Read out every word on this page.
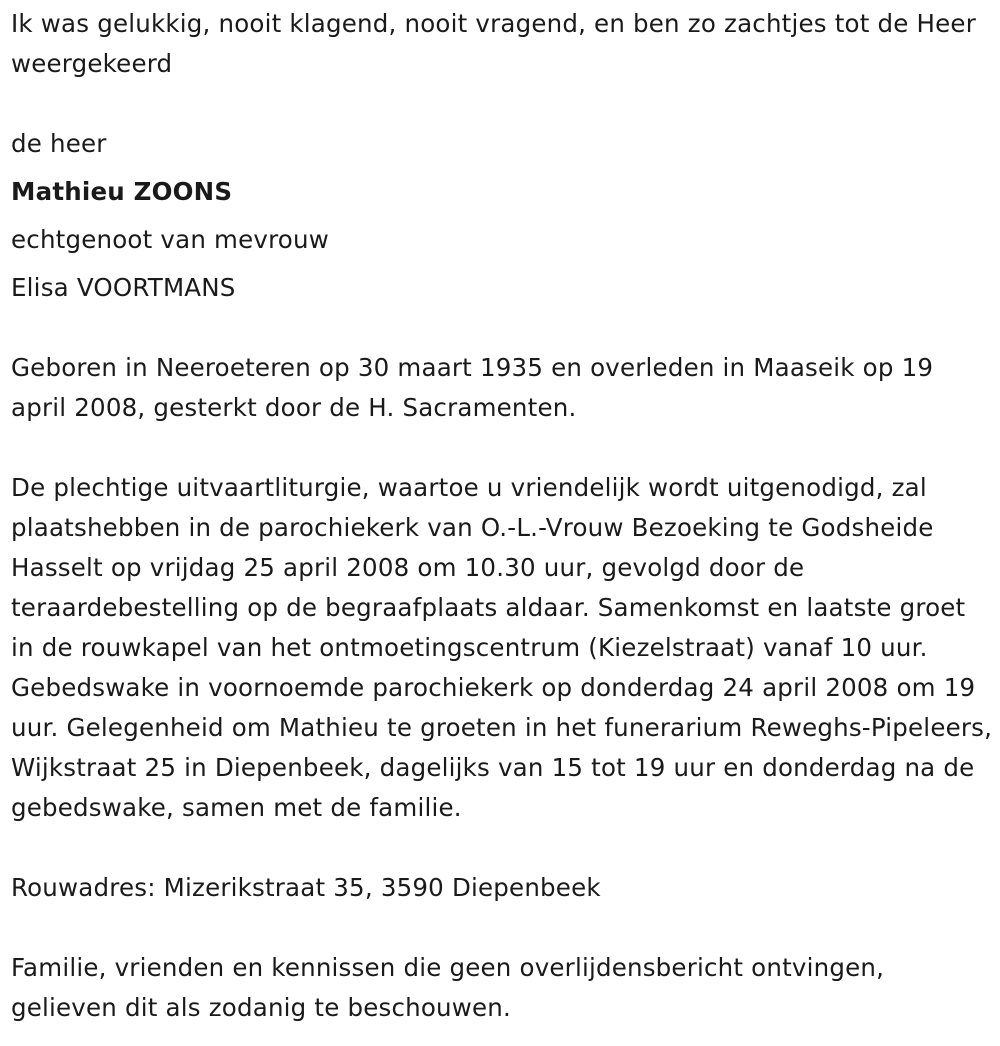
Ik was gelukkig, nooit klagend, nooit vragend, en ben zo zachtjes tot de Heer weergekeerd

de heer

Mathieu ZOONS

echtgenoot van mevrouw

Elisa VOORTMANS

Geboren in Neeroeteren op 30 maart 1935 en overleden in Maaseik op 19 april 2008, gesterkt door de H. Sacramenten.

De plechtige uitvaartliturgie, waartoe u vriendelijk wordt uitgenodigd, zal plaatshebben in de parochiekerk van O.-L.-Vrouw Bezoeking te Godsheide Hasselt op vrijdag 25 april 2008 om 10.30 uur, gevolgd door de teraardebestelling op de begraafplaats aldaar. Samenkomst en laatste groet in de rouwkapel van het ontmoetingscentrum (Kiezelstraat) vanaf 10 uur. Gebedswake in voornoemde parochiekerk op donderdag 24 april 2008 om 19 uur. Gelegenheid om Mathieu te groeten in het funerarium Reweghs-Pipeleers, Wijkstraat 25 in Diepenbeek, dagelijks van 15 tot 19 uur en donderdag na de gebedswake, samen met de familie.

Rouwadres: Mizerikstraat 35, 3590 Diepenbeek

Familie, vrienden en kennissen die geen overlijdensbericht ontvingen, gelieven dit als zodanig te beschouwen.
